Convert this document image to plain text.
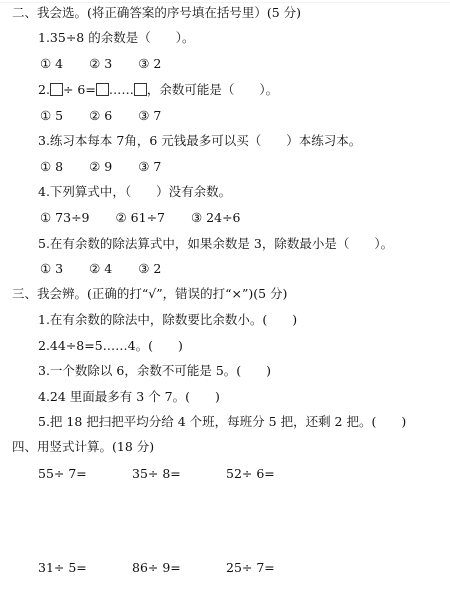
二、我会选。(将正确答案的序号填在括号里）(5 分)
1.35÷8 的余数是（　　）。
① 4 ② 3 ③ 2
2. ÷ 6= …… ，余数可能是（　　）。
① 5 ② 6 ③ 7
3.练习本每本 7角，6 元钱最多可以买（　　）本练习本。
① 8 ② 9 ③ 7
4.下列算式中，（　　）没有余数。
① 73÷9 ② 61÷7 ③ 24÷6
5.在有余数的除法算式中，如果余数是 3，除数最小是（　　）。
① 3 ② 4 ③ 2
三、我会辨。(正确的打“√”，错误的打“×”)(5 分)
1.在有余数的除法中，除数要比余数小。(　　)
2.44÷8=5……4。(　　)
3.一个数除以 6，余数不可能是 5。(　　)
4.24 里面最多有 3 个 7。(　　)
5.把 18 把扫把平均分给 4 个班，每班分 5 把，还剩 2 把。(　　)
四、用竖式计算。(18 分)
55÷ 7=	35÷ 8=	52÷ 6=
31÷ 5=	86÷ 9=	25÷ 7=
